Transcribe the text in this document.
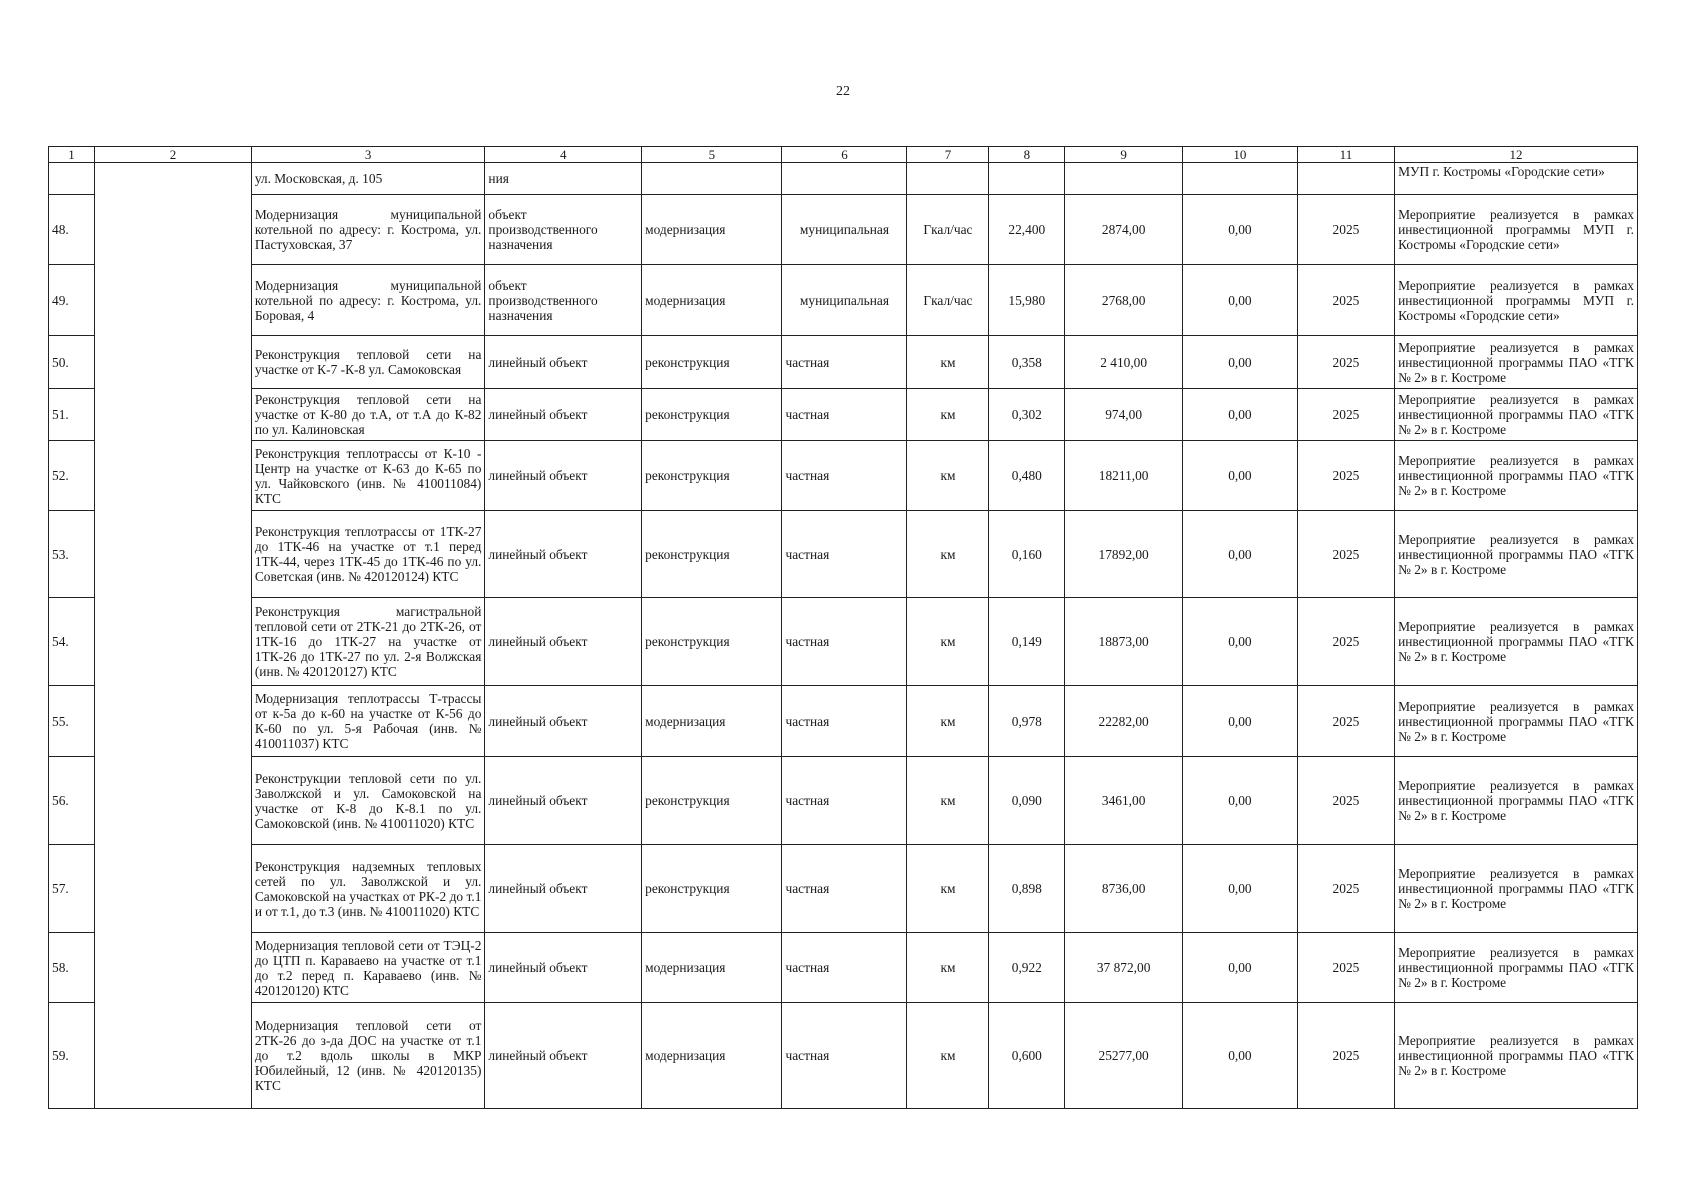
22
1	2	3	4	5	6	7	8	9	10	11	12
		ул. Московская, д. 105	ния								МУП г. Костромы «Городские сети»
48.		Модернизация муниципальной котельной по адресу: г. Кострома, ул. Пастуховская, 37	объект производственного назначения	модернизация	муниципальная	Гкал/час	22,400	2874,00	0,00	2025	Мероприятие реализуется в рамках инвестиционной программы МУП г. Костромы «Городские сети»
49.		Модернизация муниципальной котельной по адресу: г. Кострома, ул. Боровая, 4	объект производственного назначения	модернизация	муниципальная	Гкал/час	15,980	2768,00	0,00	2025	Мероприятие реализуется в рамках инвестиционной программы МУП г. Костромы «Городские сети»
50.		Реконструкция тепловой сети на участке от К-7 -К-8 ул. Самоковская	линейный объект	реконструкция	частная	км	0,358	2 410,00	0,00	2025	Мероприятие реализуется в рамках инвестиционной программы ПАО «ТГК № 2» в г. Костроме
51.		Реконструкция тепловой сети на участке от К-80 до т.А, от т.А до К-82 по ул. Калиновская	линейный объект	реконструкция	частная	км	0,302	974,00	0,00	2025	Мероприятие реализуется в рамках инвестиционной программы ПАО «ТГК № 2» в г. Костроме
52.		Реконструкция теплотрассы от К-10 - Центр на участке от К-63 до К-65 по ул. Чайковского (инв. № 410011084) КТС	линейный объект	реконструкция	частная	км	0,480	18211,00	0,00	2025	Мероприятие реализуется в рамках инвестиционной программы ПАО «ТГК № 2» в г. Костроме
53.		Реконструкция теплотрассы от 1ТК-27 до 1ТК-46 на участке от т.1 перед 1ТК-44, через 1ТК-45 до 1ТК-46 по ул. Советская (инв. № 420120124) КТС	линейный объект	реконструкция	частная	км	0,160	17892,00	0,00	2025	Мероприятие реализуется в рамках инвестиционной программы ПАО «ТГК № 2» в г. Костроме
54.		Реконструкция магистральной тепловой сети от 2ТК-21 до 2ТК-26, от 1ТК-16 до 1ТК-27 на участке от 1ТК-26 до 1ТК-27 по ул. 2-я Волжская (инв. № 420120127) КТС	линейный объект	реконструкция	частная	км	0,149	18873,00	0,00	2025	Мероприятие реализуется в рамках инвестиционной программы ПАО «ТГК № 2» в г. Костроме
55.		Модернизация теплотрассы Т-трассы от к-5а до к-60 на участке от К-56 до К-60 по ул. 5-я Рабочая (инв. № 410011037) КТС	линейный объект	модернизация	частная	км	0,978	22282,00	0,00	2025	Мероприятие реализуется в рамках инвестиционной программы ПАО «ТГК № 2» в г. Костроме
56.		Реконструкции тепловой сети по ул. Заволжской и ул. Самоковской на участке от К-8 до К-8.1 по ул. Самоковской (инв. № 410011020) КТС	линейный объект	реконструкция	частная	км	0,090	3461,00	0,00	2025	Мероприятие реализуется в рамках инвестиционной программы ПАО «ТГК № 2» в г. Костроме
57.		Реконструкция надземных тепловых сетей по ул. Заволжской и ул. Самоковской на участках от РК-2 до т.1 и от т.1, до т.3 (инв. № 410011020) КТС	линейный объект	реконструкция	частная	км	0,898	8736,00	0,00	2025	Мероприятие реализуется в рамках инвестиционной программы ПАО «ТГК № 2» в г. Костроме
58.		Модернизация тепловой сети от ТЭЦ-2 до ЦТП п. Караваево на участке от т.1 до т.2 перед п. Караваево (инв. № 420120120) КТС	линейный объект	модернизация	частная	км	0,922	37 872,00	0,00	2025	Мероприятие реализуется в рамках инвестиционной программы ПАО «ТГК № 2» в г. Костроме
59.		Модернизация тепловой сети от 2ТК-26 до з-да ДОС на участке от т.1 до т.2 вдоль школы в МКР Юбилейный, 12 (инв. № 420120135) КТС	линейный объект	модернизация	частная	км	0,600	25277,00	0,00	2025	Мероприятие реализуется в рамках инвестиционной программы ПАО «ТГК № 2» в г. Костроме
